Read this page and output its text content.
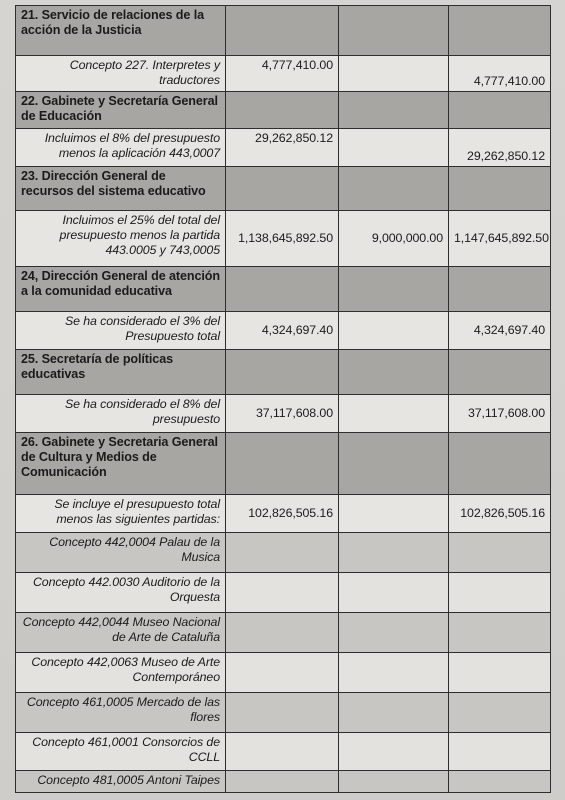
21. Servicio de relaciones de la acción de la Justicia			
Concepto 227. Interpretes y traductores	4,777,410.00		4,777,410.00
22. Gabinete y Secretaría General de Educación			
Incluimos el 8% del presupuesto menos la aplicación 443,0007	29,262,850.12		29,262,850.12
23. Dirección General de recursos del sistema educativo			
Incluimos el 25% del total del presupuesto menos la partida 443.0005 y 743,0005	1,138,645,892.50	9,000,000.00	1,147,645,892.50
24, Dirección General de atención a la comunidad educativa			
Se ha considerado el 3% del Presupuesto total	4,324,697.40		4,324,697.40
25. Secretaría de políticas educativas			
Se ha considerado el 8% del presupuesto	37,117,608.00		37,117,608.00
26. Gabinete y Secretaria General de Cultura y Medios de Comunicación			
Se incluye el presupuesto total menos las siguientes partidas:	102,826,505.16		102,826,505.16
Concepto 442,0004 Palau de la Musica			
Concepto 442.0030 Auditorio de la Orquesta			
Concepto 442,0044 Museo Nacional de Arte de Cataluña			
Concepto 442,0063 Museo de Arte Contemporáneo			
Concepto 461,0005 Mercado de las flores			
Concepto 461,0001 Consorcios de CCLL			
Concepto 481,0005 Antoni Taipes			
